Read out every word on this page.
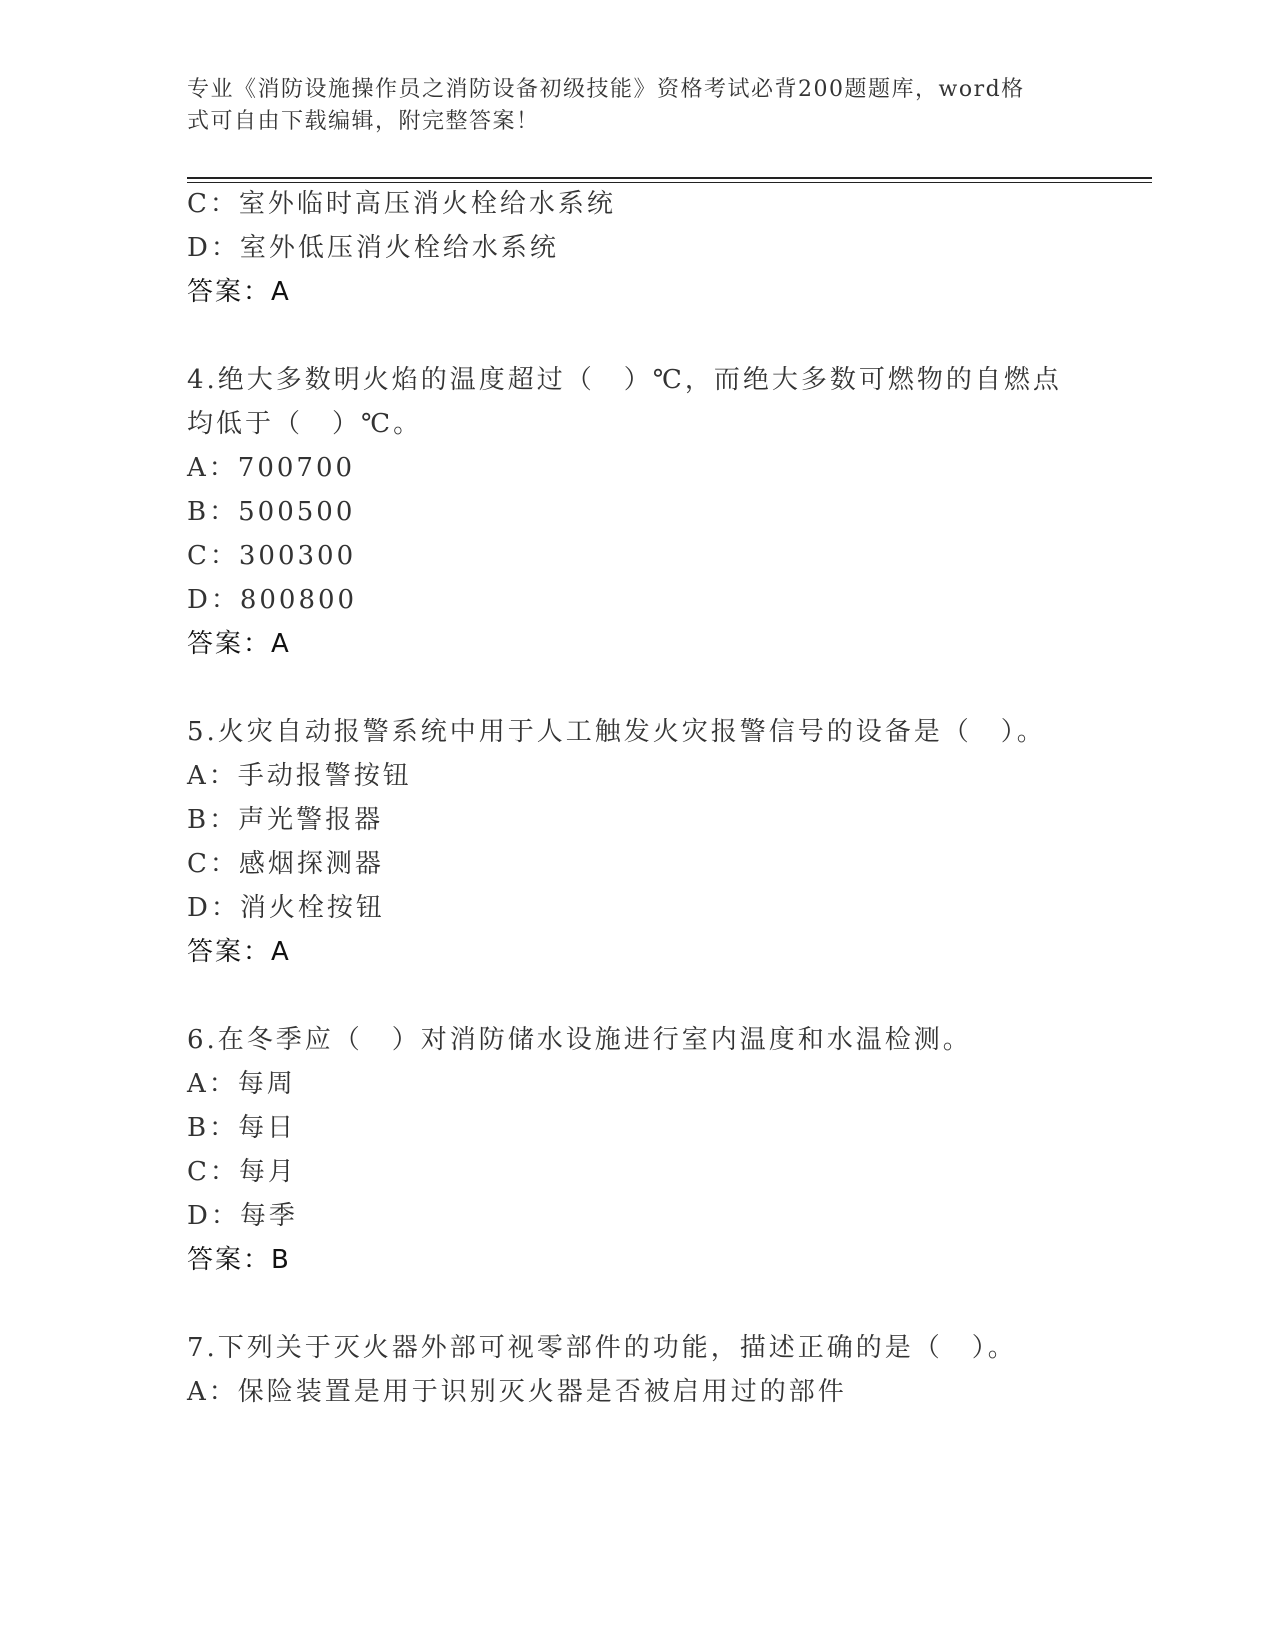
专业《消防设施操作员之消防设备初级技能》资格考试必背200题题库，word格
式可自由下载编辑，附完整答案！
C：室外临时高压消火栓给水系统
D：室外低压消火栓给水系统
答案：A
4.绝大多数明火焰的温度超过（　）℃，而绝大多数可燃物的自燃点
均低于（　）℃。
A：700700
B：500500
C：300300
D：800800
答案：A
5.火灾自动报警系统中用于人工触发火灾报警信号的设备是（　）。
A：手动报警按钮
B：声光警报器
C：感烟探测器
D：消火栓按钮
答案：A
6.在冬季应（　）对消防储水设施进行室内温度和水温检测。
A：每周
B：每日
C：每月
D：每季
答案：B
7.下列关于灭火器外部可视零部件的功能，描述正确的是（　）。
A：保险装置是用于识别灭火器是否被启用过的部件
